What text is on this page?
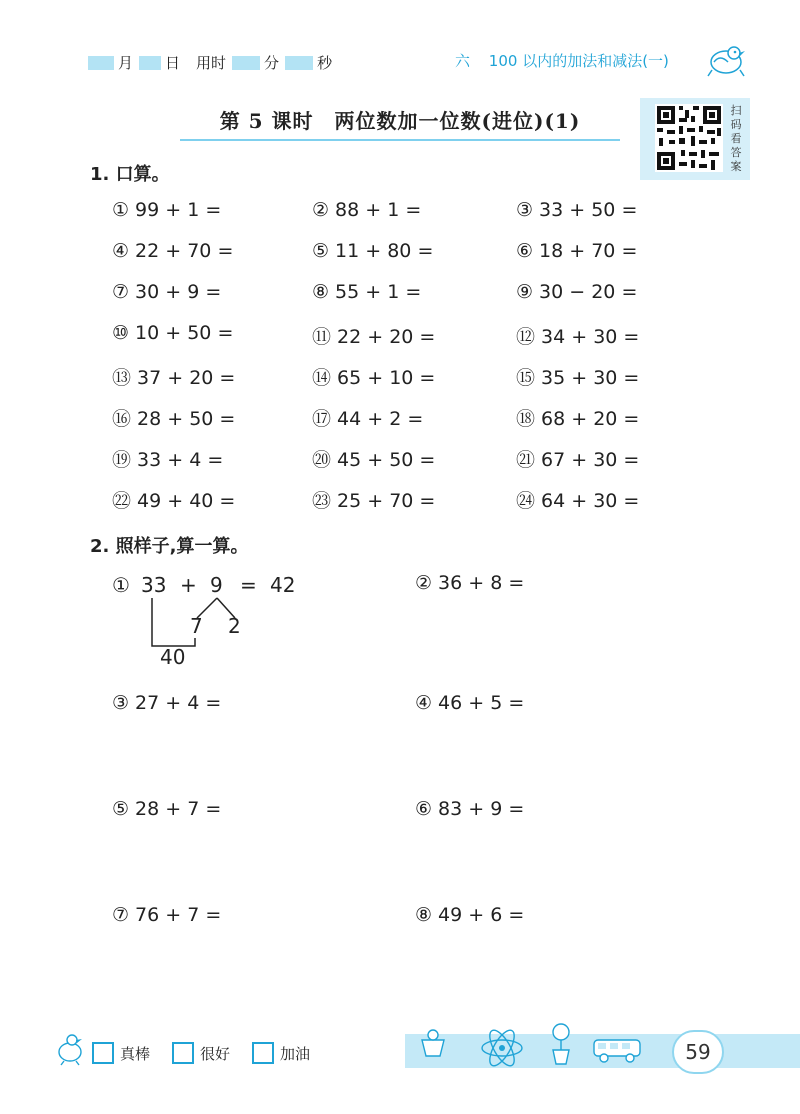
月 日 用时	分	秒	六 100 以内的加法和减法(一)
第 5 课时　两位数加一位数(进位)(1)	扫
码
看
答
案
1. 口算。
① 99 + 1 =	② 88 + 1 =	③ 33 + 50 =
④ 22 + 70 =	⑤ 11 + 80 =	⑥ 18 + 70 =
⑦ 30 + 9 =	⑧ 55 + 1 =	⑨ 30 − 20 =
⑩ 10 + 50 =	⑪ 22 + 20 =	⑫ 34 + 30 =
⑬ 37 + 20 =	⑭ 65 + 10 =	⑮ 35 + 30 =
⑯ 28 + 50 =	⑰ 44 + 2 =	⑱ 68 + 20 =
⑲ 33 + 4 =	⑳ 45 + 50 =	㉑ 67 + 30 =
㉒ 49 + 40 =	㉓ 25 + 70 =	㉔ 64 + 30 =
2. 照样子,算一算。
① 33 + 9 = 42
7 2
40
② 36 + 8 =
③ 27 + 4 =	④ 46 + 5 =
⑤ 28 + 7 =	⑥ 83 + 9 =
⑦ 76 + 7 =	⑧ 49 + 6 =
真棒	很好	加油	59
